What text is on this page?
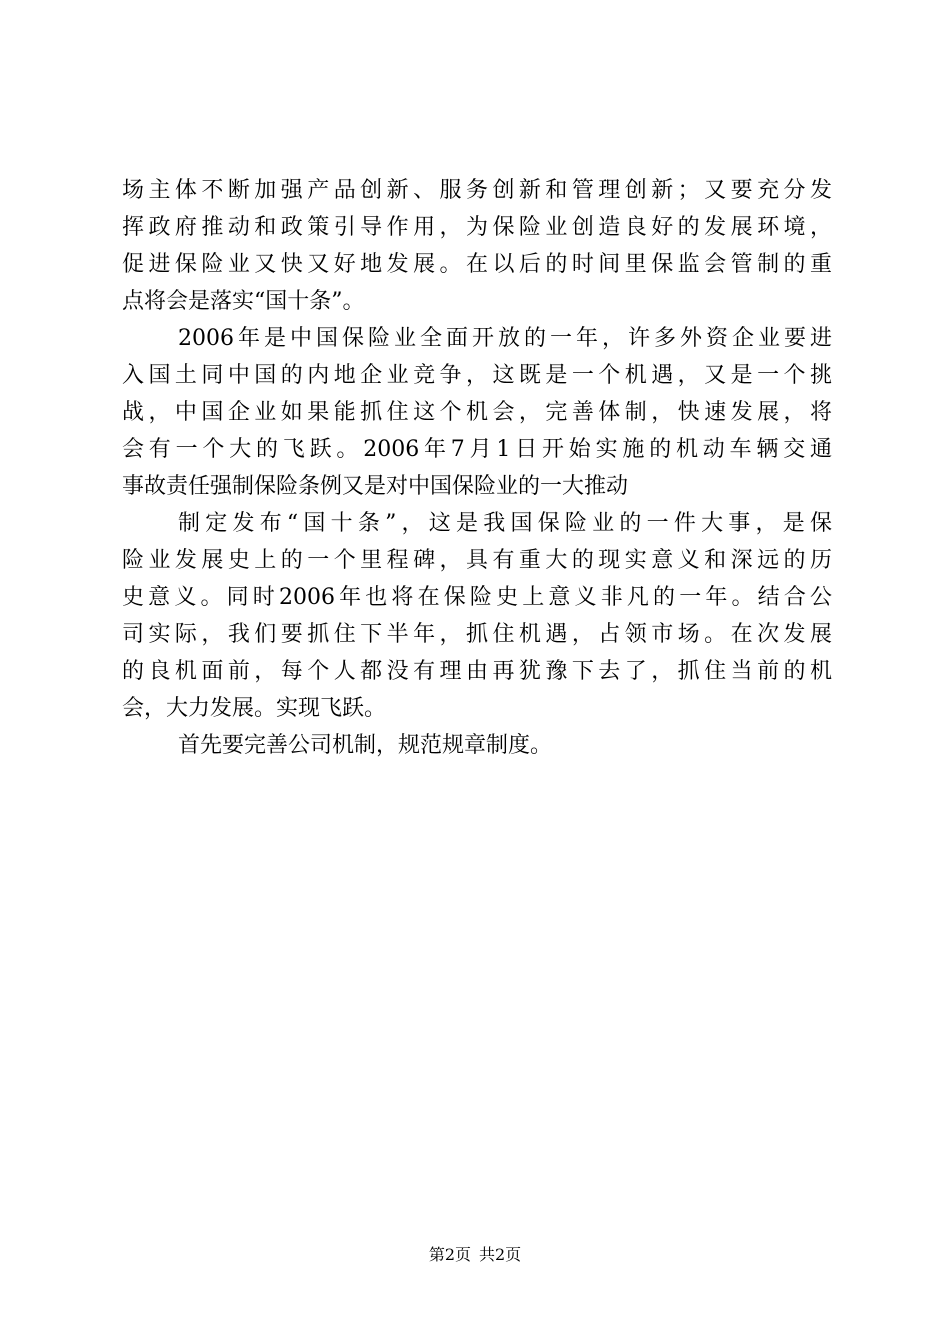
场主体不断加强产品创新、服务创新和管理创新；又要充分发
挥政府推动和政策引导作用，为保险业创造良好的发展环境，
促进保险业又快又好地发展。在以后的时间里保监会管制的重
点将会是落实“国十条”。
2006年是中国保险业全面开放的一年，许多外资企业要进
入国土同中国的内地企业竞争，这既是一个机遇，又是一个挑
战，中国企业如果能抓住这个机会，完善体制，快速发展，将
会有一个大的飞跃。2006年7月1日开始实施的机动车辆交通
事故责任强制保险条例又是对中国保险业的一大推动
制定发布“国十条”，这是我国保险业的一件大事，是保
险业发展史上的一个里程碑，具有重大的现实意义和深远的历
史意义。同时2006年也将在保险史上意义非凡的一年。结合公
司实际，我们要抓住下半年，抓住机遇，占领市场。在次发展
的良机面前，每个人都没有理由再犹豫下去了，抓住当前的机
会，大力发展。实现飞跃。
首先要完善公司机制，规范规章制度。
第2页 共2页
